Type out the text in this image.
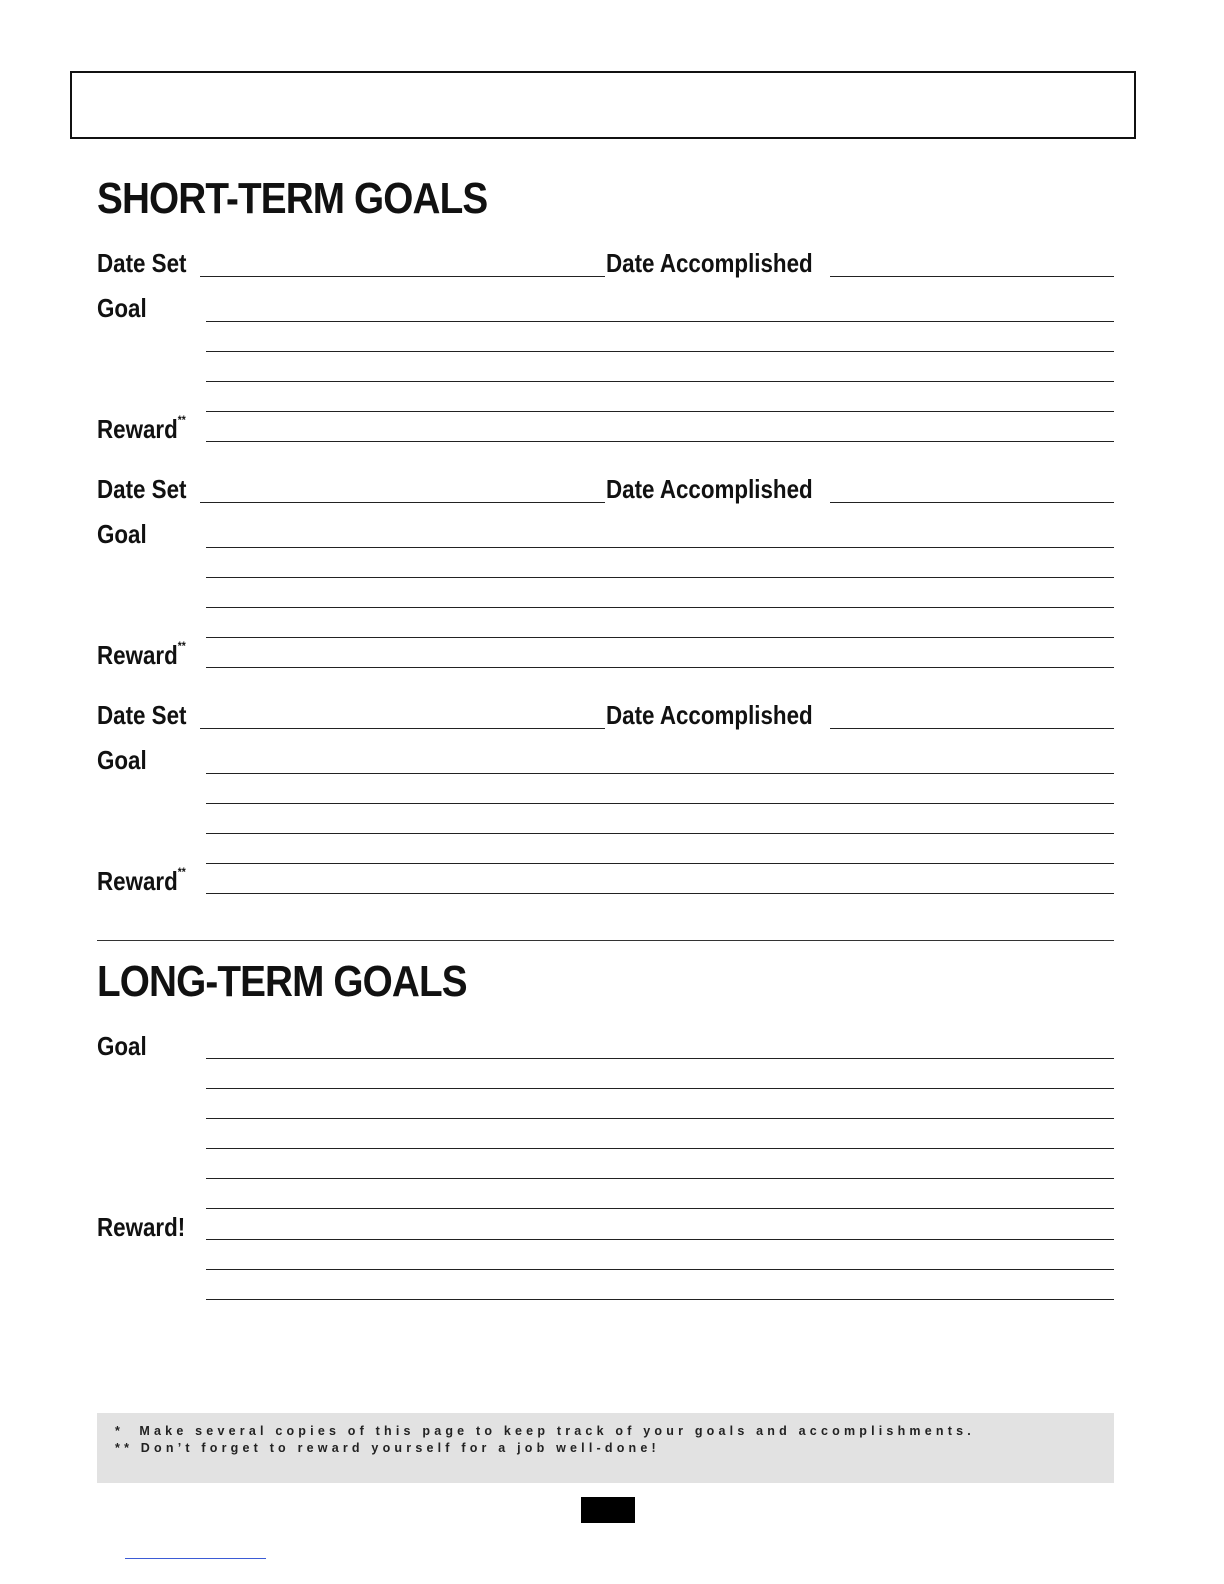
SHORT-TERM GOALS
Date Set	Date Accomplished
Goal
Reward**
Date Set	Date Accomplished
Goal
Reward**
Date Set	Date Accomplished
Goal
Reward**
LONG-TERM GOALS
Goal
Reward!
*  Make several copies of this page to keep track of your goals and accomplishments.
** Don’t forget to reward yourself for a job well-done!
